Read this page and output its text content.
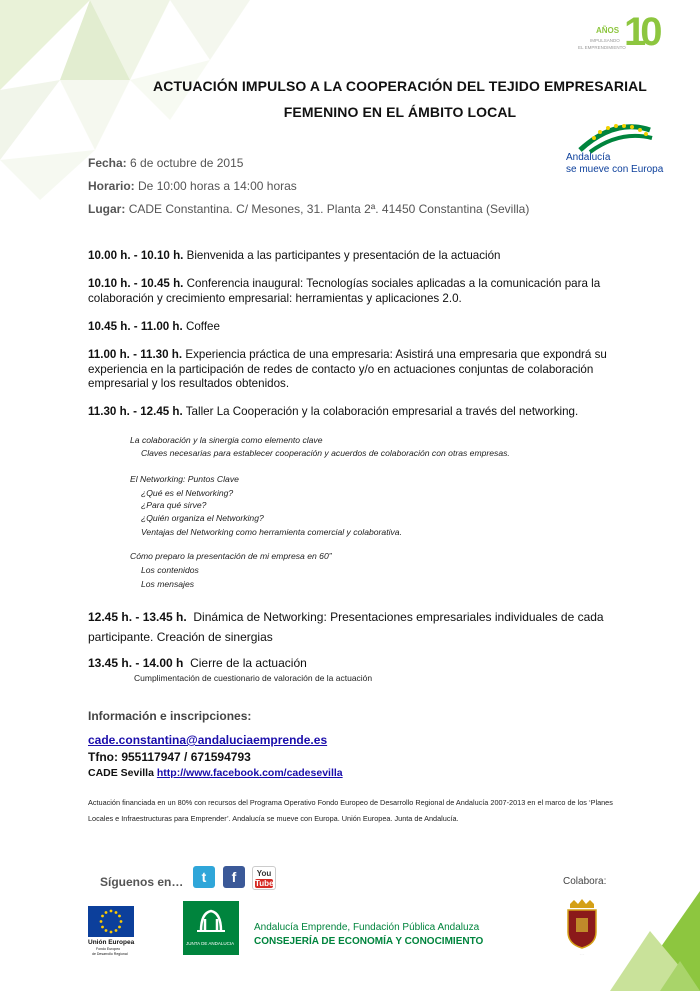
AÑOS
IMPULSANDO
EL EMPRENDIMIENTO
10
ACTUACIÓN IMPULSO A LA COOPERACIÓN DEL TEJIDO EMPRESARIAL
FEMENINO EN EL ÁMBITO LOCAL
Andalucía
se mueve con Europa
Fecha: 6 de octubre de 2015
Horario: De 10:00 horas a 14:00 horas
Lugar: CADE Constantina. C/ Mesones, 31. Planta 2ª. 41450 Constantina (Sevilla)
10.00 h. - 10.10 h. Bienvenida a las participantes y presentación de la actuación
10.10 h. - 10.45 h. Conferencia inaugural: Tecnologías sociales aplicadas a la comunicación para la colaboración y crecimiento empresarial: herramientas y aplicaciones 2.0.
10.45 h. - 11.00 h. Coffee
11.00 h. - 11.30 h. Experiencia práctica de una empresaria: Asistirá una empresaria que expondrá su experiencia en la participación de redes de contacto y/o en actuaciones conjuntas de colaboración empresarial y los resultados obtenidos.
11.30 h. - 12.45 h. Taller La Cooperación y la colaboración empresarial a través del networking.
La colaboración y la sinergia como elemento clave
Claves necesarias para establecer cooperación y acuerdos de colaboración con otras empresas.
El Networking: Puntos Clave
¿Qué es el Networking?
¿Para qué sirve?
¿Quién organiza el Networking?
Ventajas del Networking como herramienta comercial y colaborativa.
Cómo preparo la presentación de mi empresa en 60”
Los contenidos
Los mensajes
12.45 h. - 13.45 h. Dinámica de Networking: Presentaciones empresariales individuales de cada participante. Creación de sinergias
13.45 h. - 14.00 h Cierre de la actuación
Cumplimentación de cuestionario de valoración de la actuación
Información e inscripciones:
cade.constantina@andaluciaemprende.es
Tfno: 955117947 / 671594793
CADE Sevilla http://www.facebook.com/cadesevilla
Actuación financiada en un 80% con recursos del Programa Operativo Fondo Europeo de Desarrollo Regional de Andalucía 2007-2013 en el marco de los ‘Planes
Locales e Infraestructuras para Emprender’. Andalucía se mueve con Europa. Unión Europea. Junta de Andalucía.
Síguenos en…	t	f	You
Tube	Colabora:
Unión Europea
Fondo Europeo
de Desarrollo Regional
JUNTA DE ANDALUCIA
Andalucía Emprende, Fundación Pública Andaluza
CONSEJERÍA DE ECONOMÍA Y CONOCIMIENTO
· · ·
